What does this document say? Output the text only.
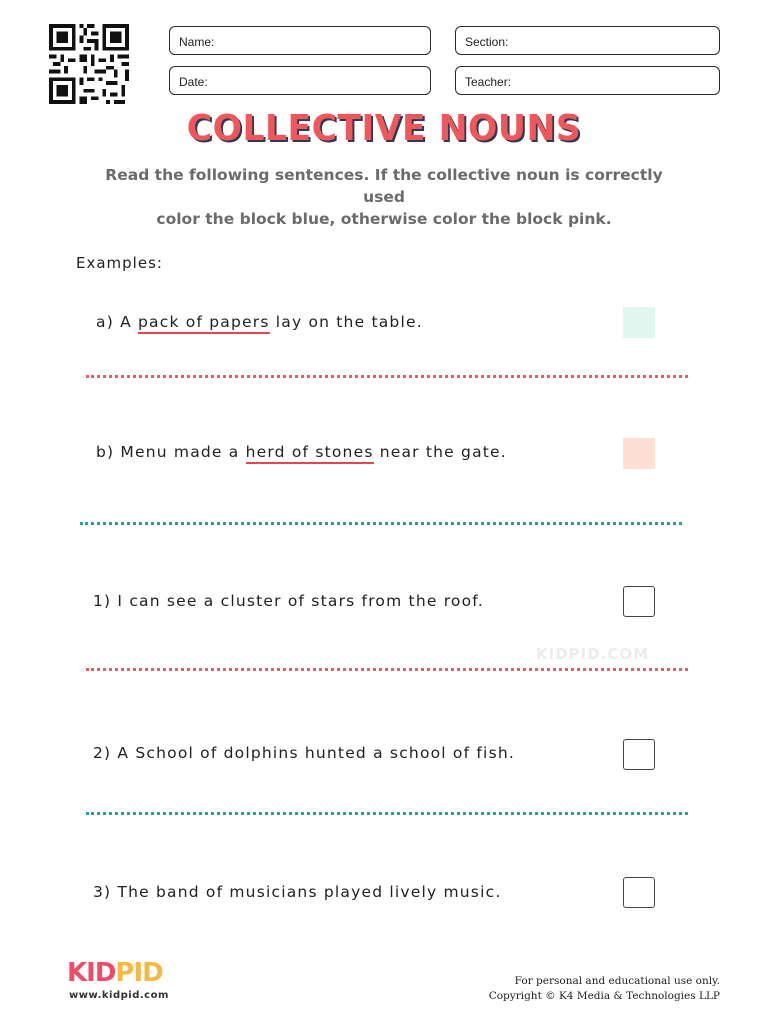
Name:	Section:
Date:	Teacher:
COLLECTIVE NOUNS
Read the following sentences. If the collective noun is correctly used
color the block blue, otherwise color the block pink.
Examples:
a) A pack of papers lay on the table.
b) Menu made a herd of stones near the gate.
1) I can see a cluster of stars from the roof.
KIDPID.COM
2) A School of dolphins hunted a school of fish.
3) The band of musicians played lively music.
KIDPID
www.kidpid.com
For personal and educational use only.
Copyright © K4 Media & Technologies LLP
